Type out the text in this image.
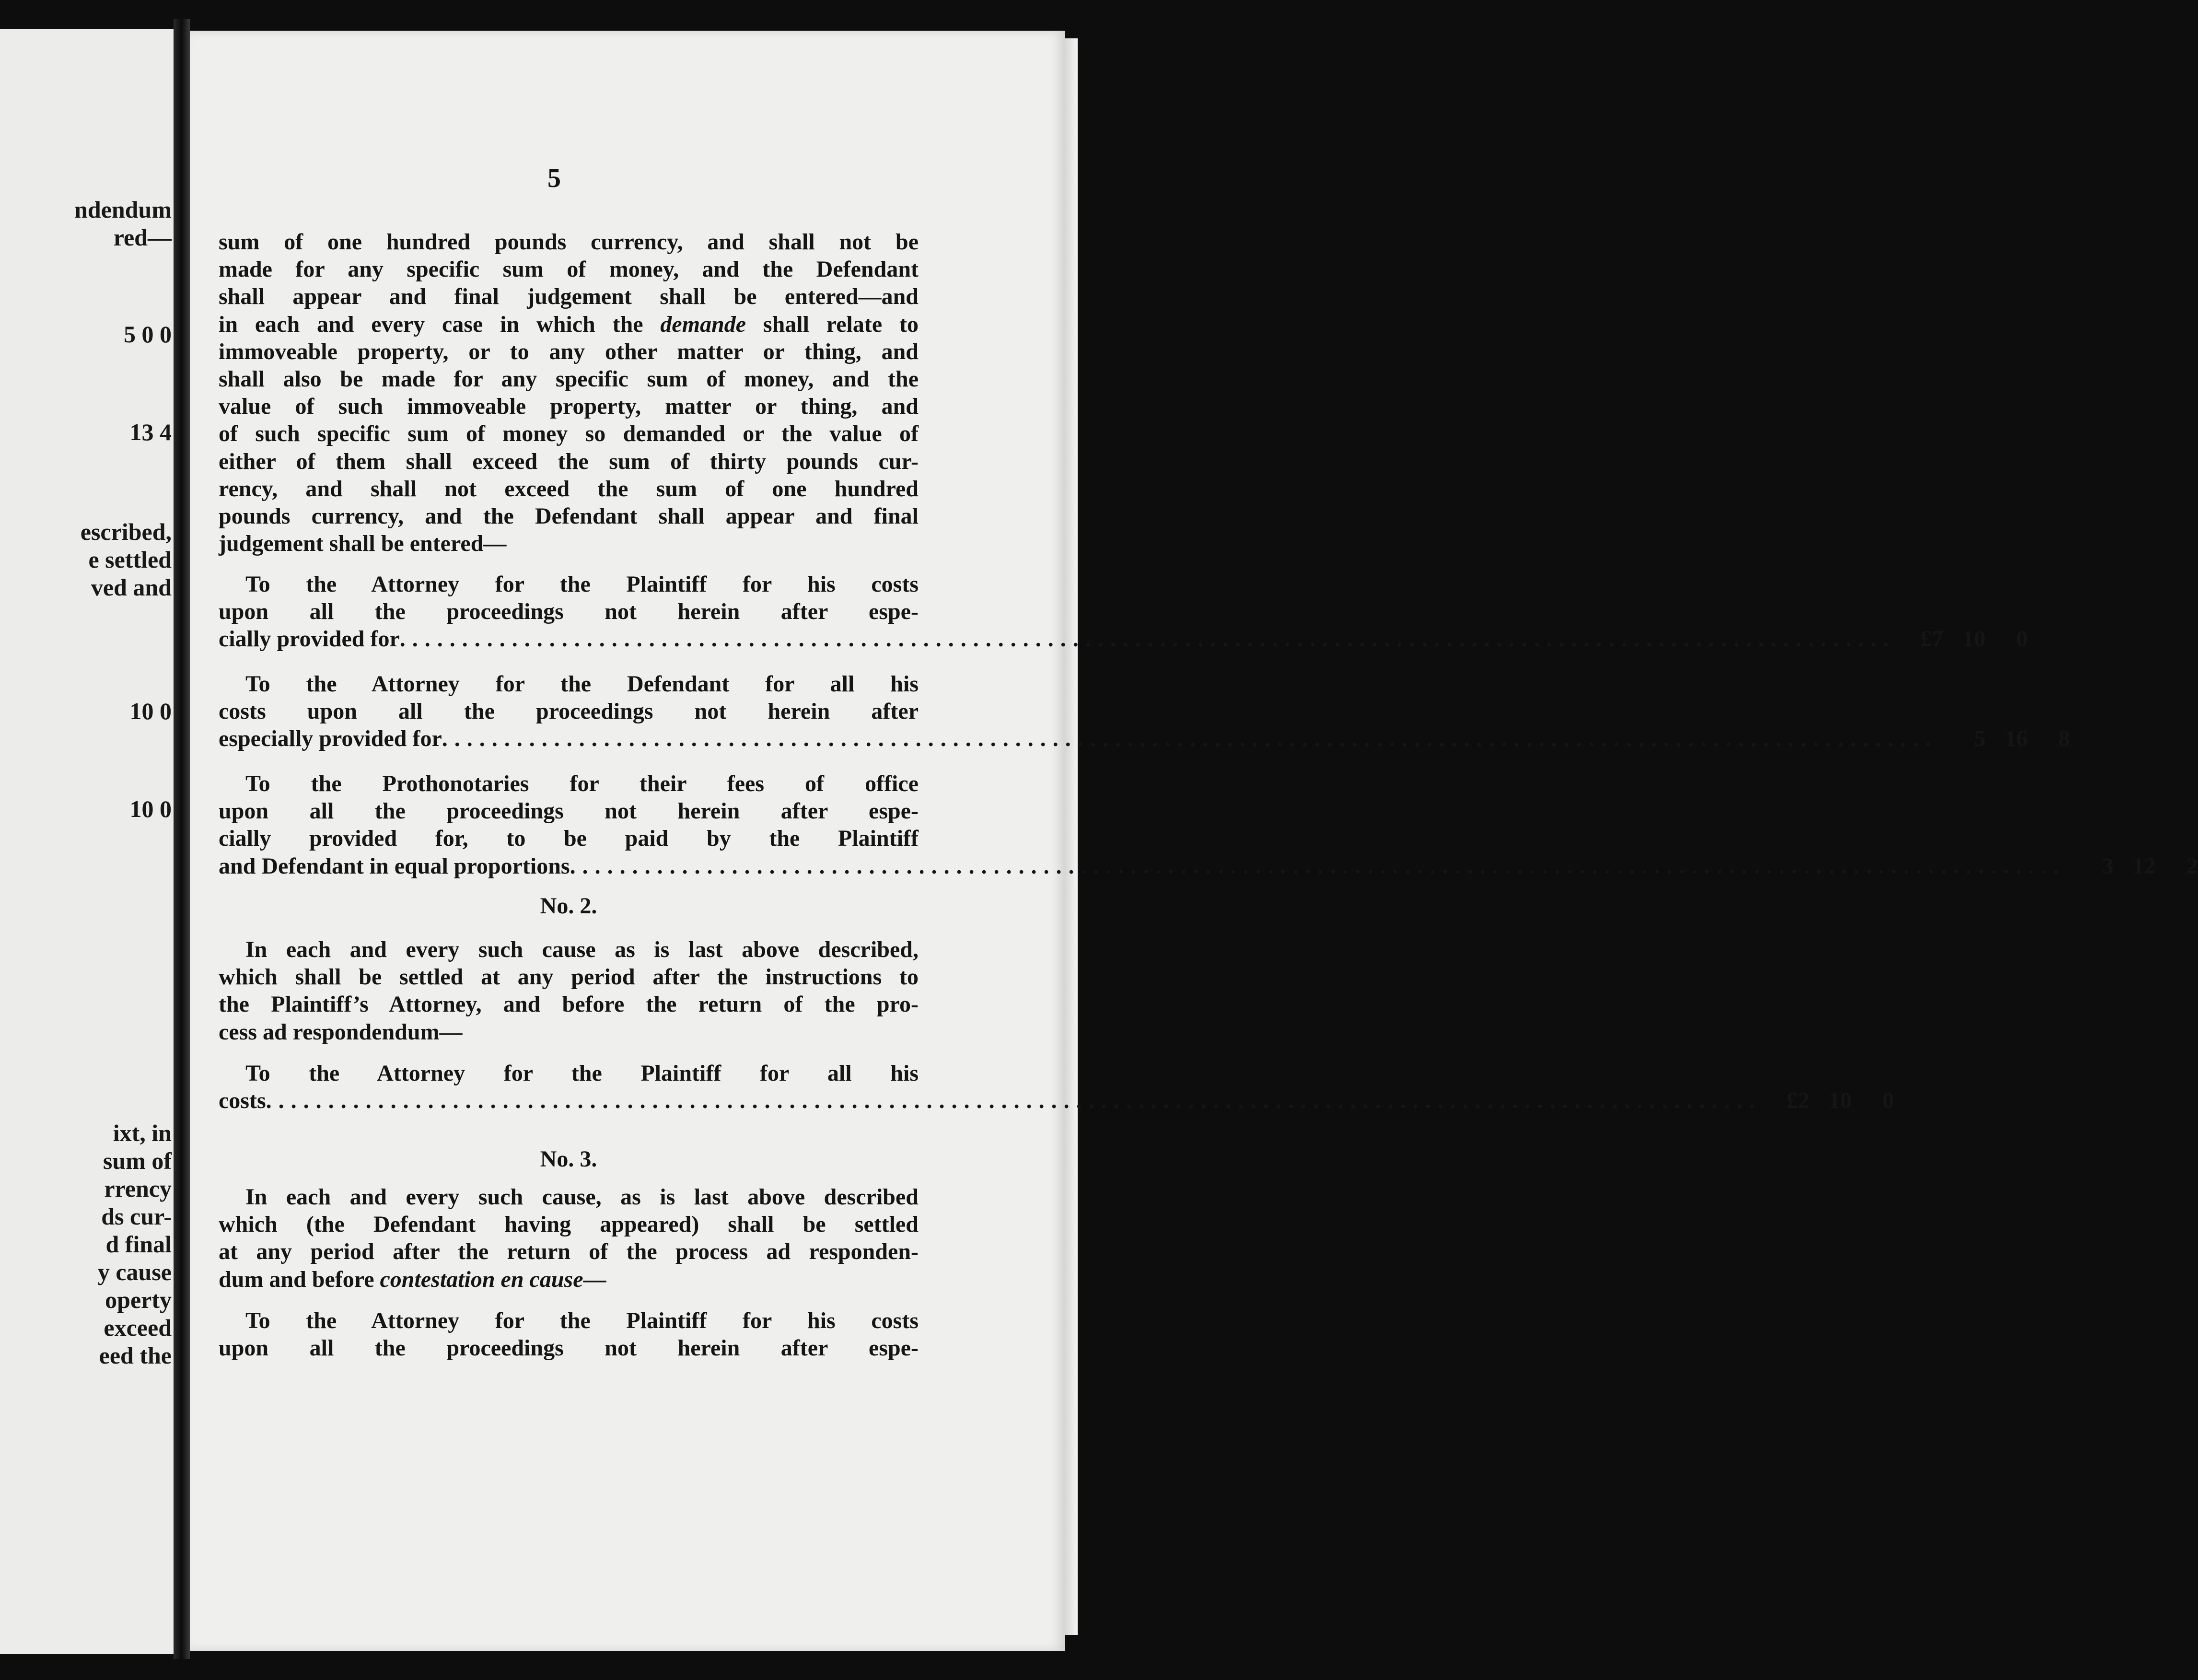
ndendum
red—
5 0 0
13 4
escribed,
e settled
ved and
10 0
10 0
ixt, in
sum of
rrency
ds cur-
d final
y cause
operty
exceed
eed the
5
sum of one hundred pounds currency, and shall not be
made for any specific sum of money, and the Defendant
shall appear and final judgement shall be entered—and
in each and every case in which the demande shall relate to
immoveable property, or to any other matter or thing, and
shall also be made for any specific sum of money, and the
value of such immoveable property, matter or thing, and
of such specific sum of money so demanded or the value of
either of them shall exceed the sum of thirty pounds cur-
rency, and shall not exceed the sum of one hundred
pounds currency, and the Defendant shall appear and final
judgement shall be entered—
To the Attorney for the Plaintiff for his costs
upon all the proceedings not herein after espe-
cially provided for ........................................................................................................................	£7 10	0
To the Attorney for the Defendant for all his
costs upon all the proceedings not herein after
especially provided for ........................................................................................................................	5 16	8
To the Prothonotaries for their fees of office
upon all the proceedings not herein after espe-
cially provided for, to be paid by the Plaintiff
and Defendant in equal proportions ........................................................................................................................	3 12	2
No. 2.
In each and every such cause as is last above described,
which shall be settled at any period after the instructions to
the Plaintiff’s Attorney, and before the return of the pro-
cess ad respondendum—
To the Attorney for the Plaintiff for all his
costs ........................................................................................................................	£2 10	0
No. 3.
In each and every such cause, as is last above described
which (the Defendant having appeared) shall be settled
at any period after the return of the process ad responden-
dum and before contestation en cause—
To the Attorney for the Plaintiff for his costs
upon all the proceedings not herein after espe-
